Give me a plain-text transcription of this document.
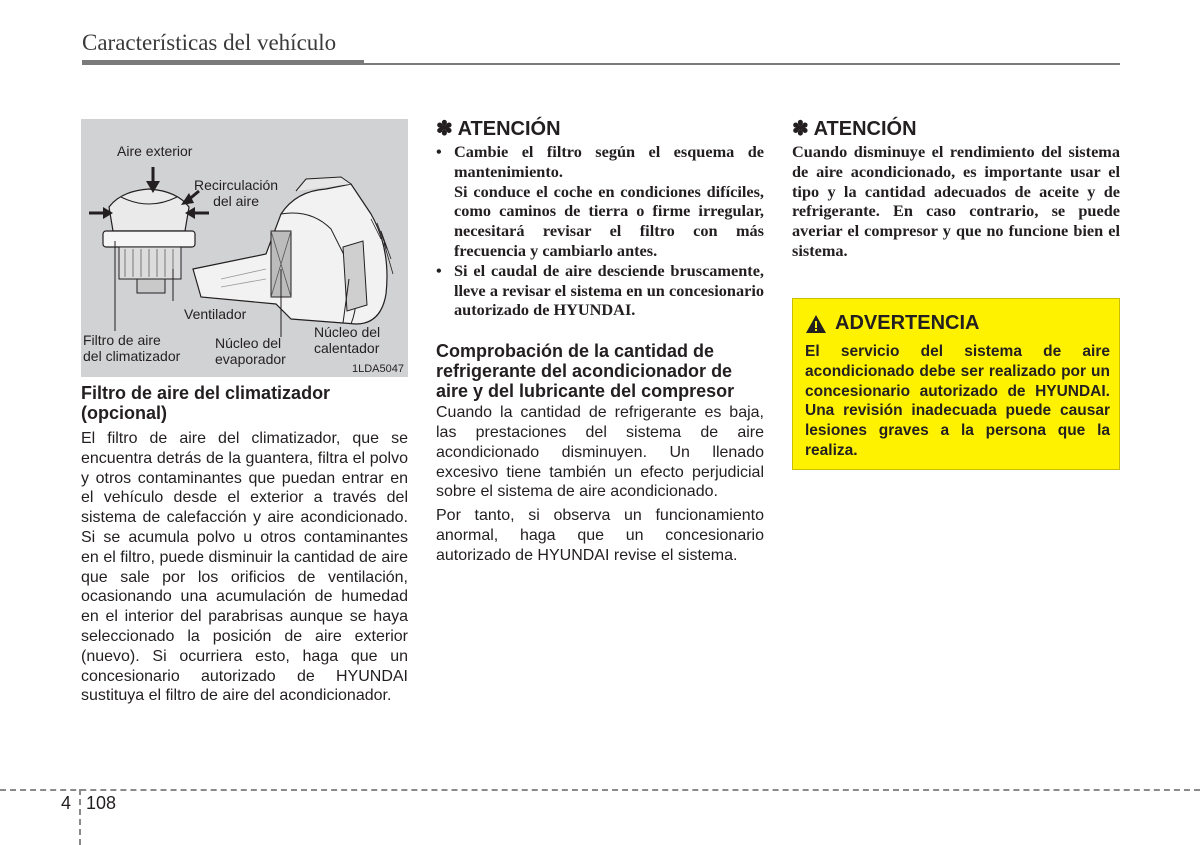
Características del vehículo
Aire exterior
Recirculación
del aire
Ventilador
Filtro de aire
del climatizador
Núcleo del
evaporador
Núcleo del
calentador
1LDA5047
Filtro de aire del climatizador (opcional)

El filtro de aire del climatizador, que se encuentra detrás de la guantera, filtra el polvo y otros contaminantes que puedan entrar en el vehículo desde el exterior a través del sistema de calefacción y aire acondicionado. Si se acumula polvo u otros contaminantes en el filtro, puede disminuir la cantidad de aire que sale por los orificios de ventilación, ocasionando una acumulación de humedad en el interior del parabrisas aunque se haya seleccionado la posición de aire exterior (nuevo). Si ocurriera esto, haga que un concesionario autorizado de HYUNDAI sustituya el filtro de aire del acondicionador.

✽ ATENCIÓN
• Cambie el filtro según el esquema de mantenimiento.
Si conduce el coche en condiciones difíciles, como caminos de tierra o firme irregular, necesitará revisar el filtro con más frecuencia y cambiarlo antes.
• Si el caudal de aire desciende bruscamente, lleve a revisar el sistema en un concesionario autorizado de HYUNDAI.
Comprobación de la cantidad de refrigerante del acondicionador de aire y del lubricante del compresor

Cuando la cantidad de refrigerante es baja, las prestaciones del sistema de aire acondicionado disminuyen. Un llenado excesivo tiene también un efecto perjudicial sobre el sistema de aire acondicionado.

Por tanto, si observa un funcionamiento anormal, haga que un concesionario autorizado de HYUNDAI revise el sistema.

✽ ATENCIÓN

Cuando disminuye el rendimiento del sistema de aire acondicionado, es importante usar el tipo y la cantidad adecuados de aceite y de refrigerante. En caso contrario, se puede averiar el compresor y que no funcione bien el sistema.

ADVERTENCIA
El servicio del sistema de aire acondicionado debe ser realizado por un concesionario autorizado de HYUNDAI. Una revisión inadecuada puede causar lesiones graves a la persona que la realiza.
4 108
